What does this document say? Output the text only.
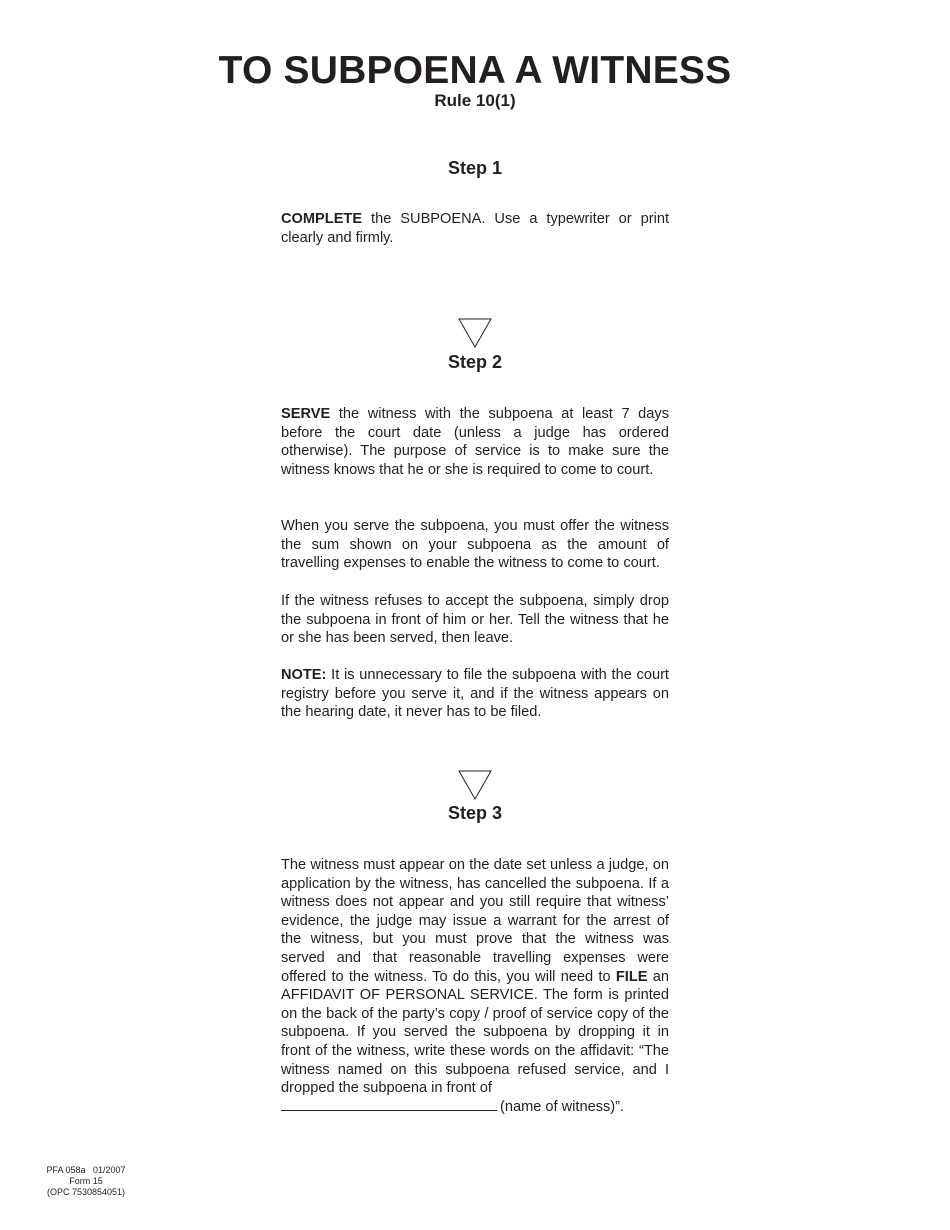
TO SUBPOENA A WITNESS
Rule 10(1)
Step 1

COMPLETE the SUBPOENA. Use a typewriter or print clearly and firmly.

Step 2

SERVE the witness with the subpoena at least 7 days before the court date (unless a judge has ordered otherwise). The purpose of service is to make sure the witness knows that he or she is required to come to court.

When you serve the subpoena, you must offer the witness the sum shown on your subpoena as the amount of travelling expenses to enable the witness to come to court.

If the witness refuses to accept the subpoena, simply drop the subpoena in front of him or her. Tell the witness that he or she has been served, then leave.

NOTE: It is unnecessary to file the subpoena with the court registry before you serve it, and if the witness appears on the hearing date, it never has to be filed.

Step 3

The witness must appear on the date set unless a judge, on application by the witness, has cancelled the subpoena. If a witness does not appear and you still require that witness’ evidence, the judge may issue a warrant for the arrest of the witness, but you must prove that the witness was served and that reasonable travelling expenses were offered to the witness. To do this, you will need to FILE an AFFIDAVIT OF PERSONAL SERVICE. The form is printed on the back of the party’s copy / proof of service copy of the subpoena. If you served the subpoena by dropping it in front of the witness, write these words on the affidavit: “The witness named on this subpoena refused service, and I dropped the subpoena in front of
(name of witness)”.

PFA 058a   01/2007
Form 15
(OPC 7530854051)
